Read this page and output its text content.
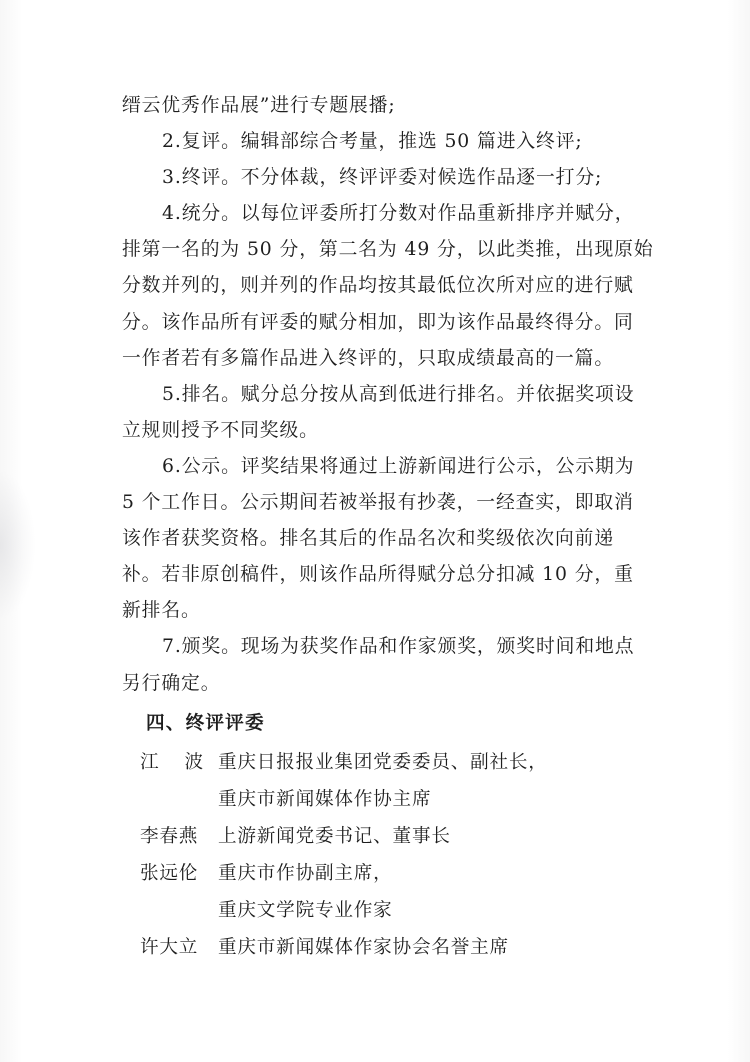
缙云优秀作品展”进行专题展播;
2.复评。编辑部综合考量，推选 50 篇进入终评;
3.终评。不分体裁，终评评委对候选作品逐一打分;
4.统分。以每位评委所打分数对作品重新排序并赋分，
排第一名的为 50 分，第二名为 49 分，以此类推，出现原始
分数并列的，则并列的作品均按其最低位次所对应的进行赋
分。该作品所有评委的赋分相加，即为该作品最终得分。同
一作者若有多篇作品进入终评的，只取成绩最高的一篇。
5.排名。赋分总分按从高到低进行排名。并依据奖项设
立规则授予不同奖级。
6.公示。评奖结果将通过上游新闻进行公示，公示期为
5 个工作日。公示期间若被举报有抄袭，一经查实，即取消
该作者获奖资格。排名其后的作品名次和奖级依次向前递
补。若非原创稿件，则该作品所得赋分总分扣减 10 分，重
新排名。
7.颁奖。现场为获奖作品和作家颁奖，颁奖时间和地点
另行确定。
四、终评评委
江 波 重庆日报报业集团党委委员、副社长，
重庆市新闻媒体作协主席
李春燕	上游新闻党委书记、董事长
张远伦	重庆市作协副主席，
重庆文学院专业作家
许大立	重庆市新闻媒体作家协会名誉主席
